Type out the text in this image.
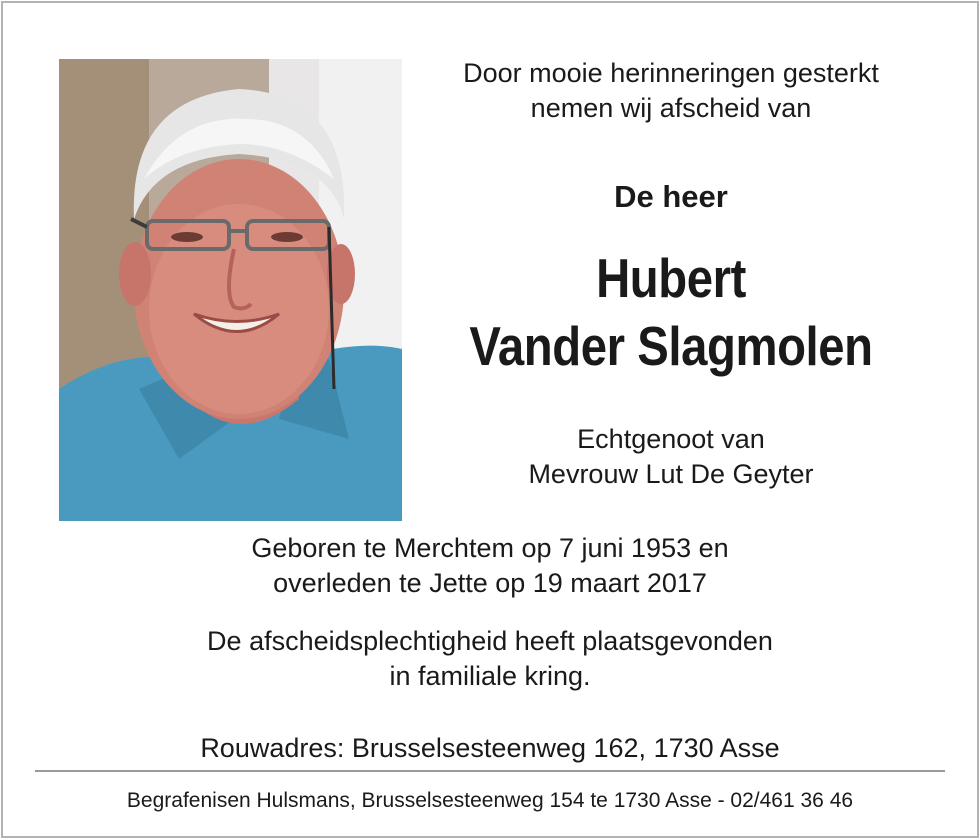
Door mooie herinneringen gesterkt
nemen wij afscheid van
De heer
Hubert
Vander Slagmolen
Echtgenoot van
Mevrouw Lut De Geyter
Geboren te Merchtem op 7 juni 1953 en
overleden te Jette op 19 maart 2017
De afscheidsplechtigheid heeft plaatsgevonden
in familiale kring.
Rouwadres: Brusselsesteenweg 162, 1730 Asse
Begrafenisen Hulsmans, Brusselsesteenweg 154 te 1730 Asse - 02/461 36 46
